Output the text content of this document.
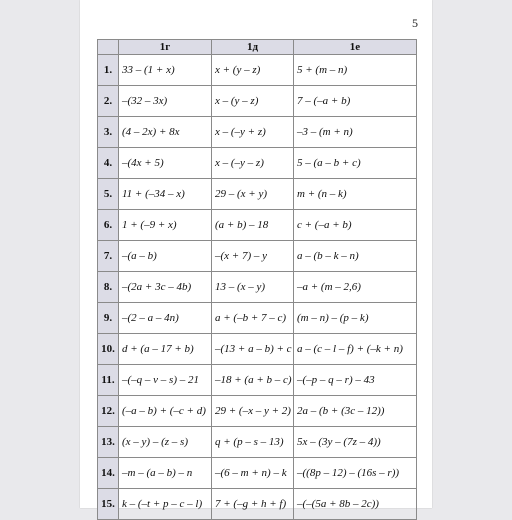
5
	1г	1д	1е
1.	33 – (1 + x)	x + (y – z)	5 + (m – n)
2.	–(32 – 3x)	x – (y – z)	7 – (–a + b)
3.	(4 – 2x) + 8x	x – (–y + z)	–3 – (m + n)
4.	–(4x + 5)	x – (–y – z)	5 – (a – b + c)
5.	11 + (–34 – x)	29 – (x + y)	m + (n – k)
6.	1 + (–9 + x)	(a + b) – 18	c + (–a + b)
7.	–(a – b)	–(x + 7) – y	a – (b – k – n)
8.	–(2a + 3c – 4b)	13 – (x – y)	–a + (m – 2,6)
9.	–(2 – a – 4n)	a + (–b + 7 – c)	(m – n) – (p – k)
10.	d + (a – 17 + b)	–(13 + a – b) + c	a – (c – l – f) + (–k + n)
11.	–(–q – v – s) – 21	–18 + (a + b – c)	–(–p – q – r) – 43
12.	(–a – b) + (–c + d)	29 + (–x – y + 2)	2a – (b + (3c – 12))
13.	(x – y) – (z – s)	q + (p – s – 13)	5x – (3y – (7z – 4))
14.	–m – (a – b) – n	–(6 – m + n) – k	–((8p – 12) – (16s – r))
15.	k – (–t + p – c – l)	7 + (–g + h + f)	–(–(5a + 8b – 2c))
